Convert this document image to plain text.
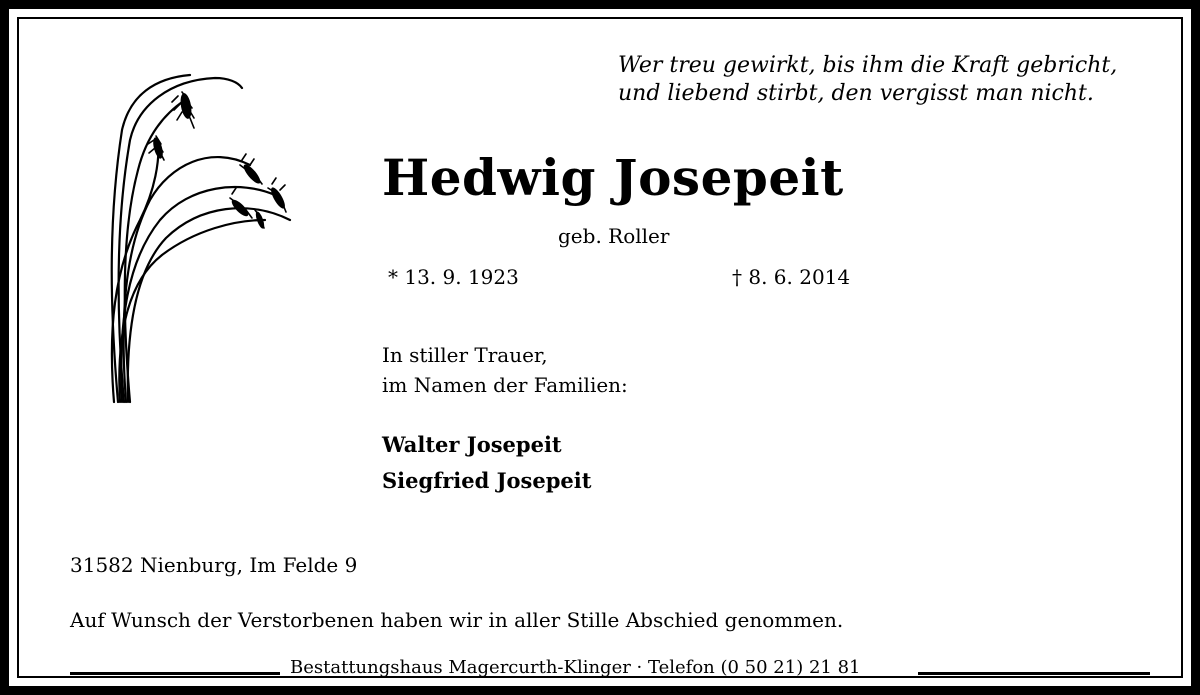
Wer treu gewirkt, bis ihm die Kraft gebricht,
und liebend stirbt, den vergisst man nicht.
Hedwig Josepeit
geb. Roller
* 13. 9. 1923	† 8. 6. 2014
In stiller Trauer,
im Namen der Familien:
Walter Josepeit
Siegfried Josepeit
31582 Nienburg, Im Felde 9
Auf Wunsch der Verstorbenen haben wir in aller Stille Abschied genommen.
Bestattungshaus Magercurth-Klinger · Telefon (0 50 21) 21 81
